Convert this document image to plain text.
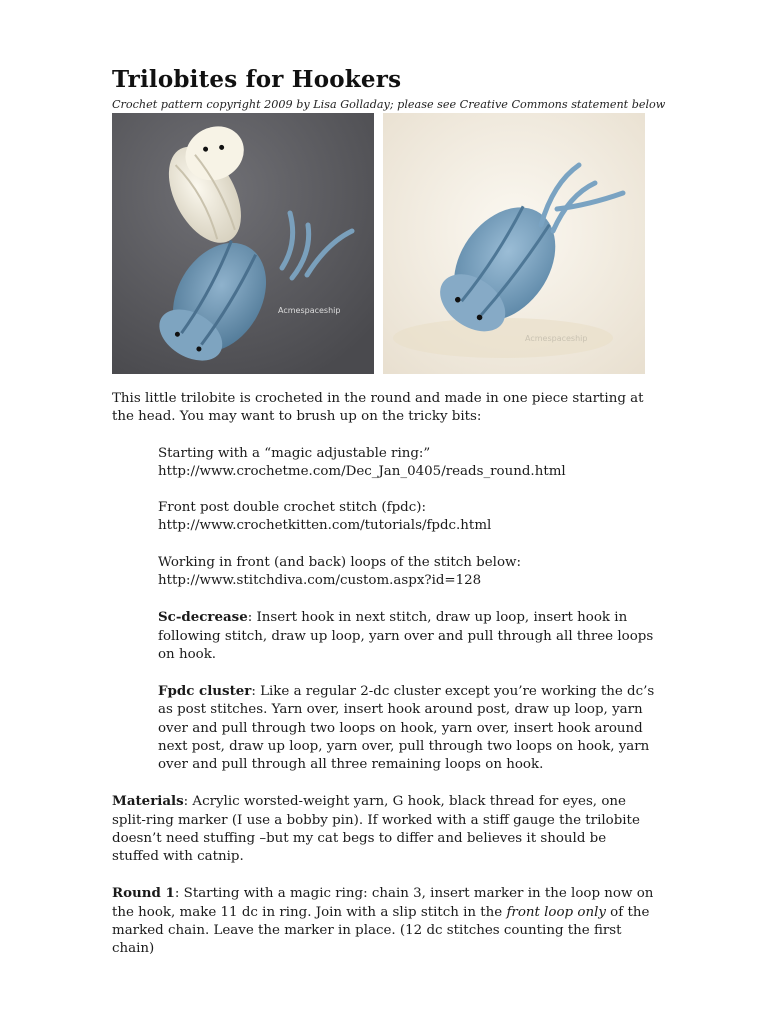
Trilobites for Hookers

Crochet pattern copyright 2009 by Lisa Golladay; please see Creative Commons statement below

Acmespaceship
Acmespaceship

This little trilobite is crocheted in the round and made in one piece starting at the head. You may want to brush up on the tricky bits:

Starting with a “magic adjustable ring:”
http://www.crochetme.com/Dec_Jan_0405/reads_round.html

Front post double crochet stitch (fpdc):
http://www.crochetkitten.com/tutorials/fpdc.html

Working in front (and back) loops of the stitch below:
http://www.stitchdiva.com/custom.aspx?id=128

Sc-decrease: Insert hook in next stitch, draw up loop, insert hook in following stitch, draw up loop, yarn over and pull through all three loops on hook.

Fpdc cluster: Like a regular 2-dc cluster except you’re working the dc’s as post stitches. Yarn over, insert hook around post, draw up loop, yarn over and pull through two loops on hook, yarn over, insert hook around next post, draw up loop, yarn over, pull through two loops on hook, yarn over and pull through all three remaining loops on hook.

Materials: Acrylic worsted-weight yarn, G hook, black thread for eyes, one split-ring marker (I use a bobby pin). If worked with a stiff gauge the trilobite doesn’t need stuffing –but my cat begs to differ and believes it should be stuffed with catnip.

Round 1: Starting with a magic ring: chain 3, insert marker in the loop now on the hook, make 11 dc in ring. Join with a slip stitch in the front loop only of the marked chain. Leave the marker in place. (12 dc stitches counting the first chain)
